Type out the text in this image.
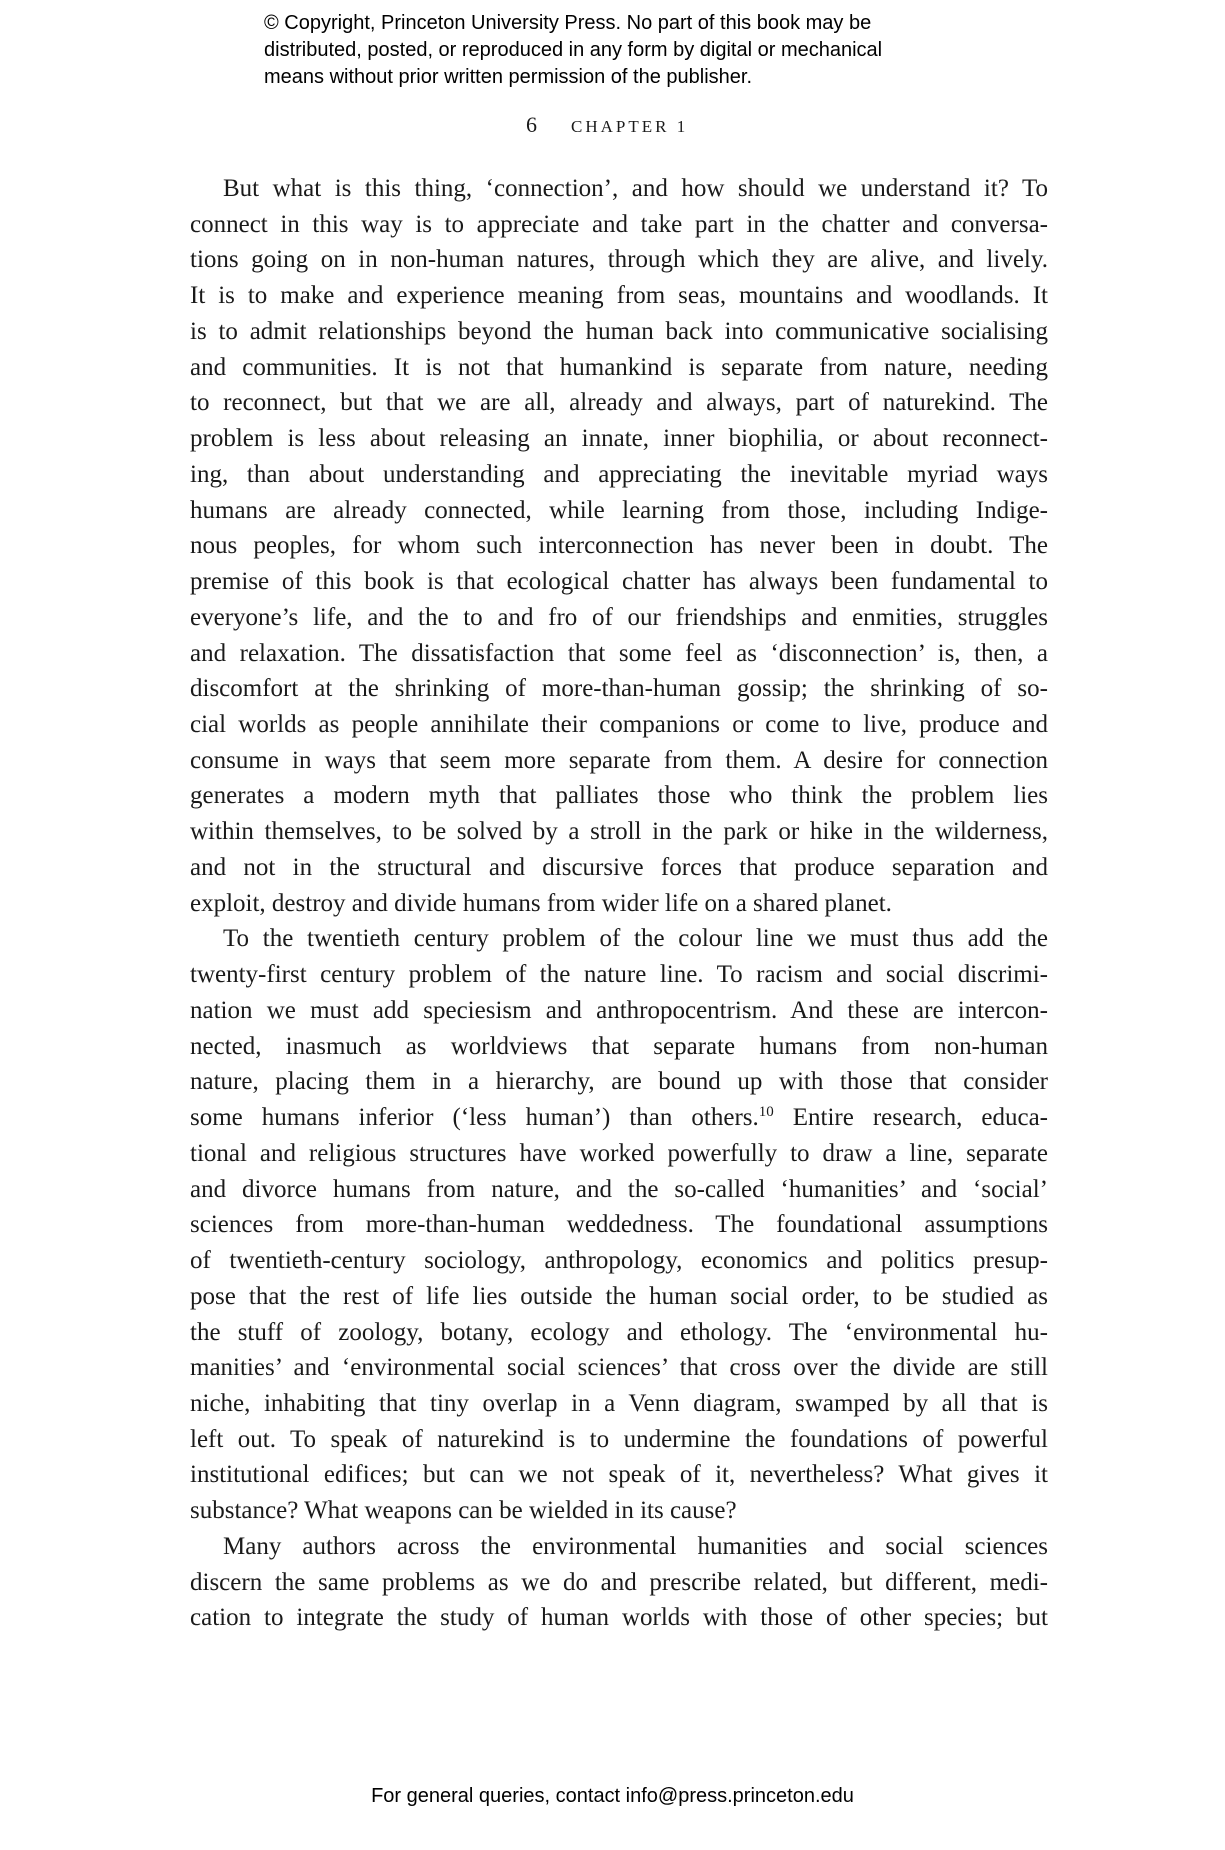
© Copyright, Princeton University Press. No part of this book may be
distributed, posted, or reproduced in any form by digital or mechanical
means without prior written permission of the publisher.
6 CHAPTER 1
But what is this thing, ‘connection’, and how should we understand it? To
connect in this way is to appreciate and take part in the chatter and conversa-
tions going on in non-human natures, through which they are alive, and lively.
It is to make and experience meaning from seas, mountains and woodlands. It
is to admit relationships beyond the human back into communicative socialising
and communities. It is not that humankind is separate from nature, needing
to reconnect, but that we are all, already and always, part of naturekind. The
problem is less about releasing an innate, inner biophilia, or about reconnect-
ing, than about understanding and appreciating the inevitable myriad ways
humans are already connected, while learning from those, including Indige-
nous peoples, for whom such interconnection has never been in doubt. The
premise of this book is that ecological chatter has always been fundamental to
everyone’s life, and the to and fro of our friendships and enmities, struggles
and relaxation. The dissatisfaction that some feel as ‘disconnection’ is, then, a
discomfort at the shrinking of more-than-human gossip; the shrinking of so-
cial worlds as people annihilate their companions or come to live, produce and
consume in ways that seem more separate from them. A desire for connection
generates a modern myth that palliates those who think the problem lies
within themselves, to be solved by a stroll in the park or hike in the wilderness,
and not in the structural and discursive forces that produce separation and
exploit, destroy and divide humans from wider life on a shared planet.
To the twentieth century problem of the colour line we must thus add the
twenty-first century problem of the nature line. To racism and social discrimi-
nation we must add speciesism and anthropocentrism. And these are intercon-
nected, inasmuch as worldviews that separate humans from non-human
nature, placing them in a hierarchy, are bound up with those that consider
some humans inferior (‘less human’) than others.$^{10}$ Entire research, educa-
tional and religious structures have worked powerfully to draw a line, separate
and divorce humans from nature, and the so-called ‘humanities’ and ‘social’
sciences from more-than-human weddedness. The foundational assumptions
of twentieth-century sociology, anthropology, economics and politics presup-
pose that the rest of life lies outside the human social order, to be studied as
the stuff of zoology, botany, ecology and ethology. The ‘environmental hu-
manities’ and ‘environmental social sciences’ that cross over the divide are still
niche, inhabiting that tiny overlap in a Venn diagram, swamped by all that is
left out. To speak of naturekind is to undermine the foundations of powerful
institutional edifices; but can we not speak of it, nevertheless? What gives it
substance? What weapons can be wielded in its cause?
Many authors across the environmental humanities and social sciences
discern the same problems as we do and prescribe related, but different, medi-
cation to integrate the study of human worlds with those of other species; but
For general queries, contact info@press.princeton.edu
